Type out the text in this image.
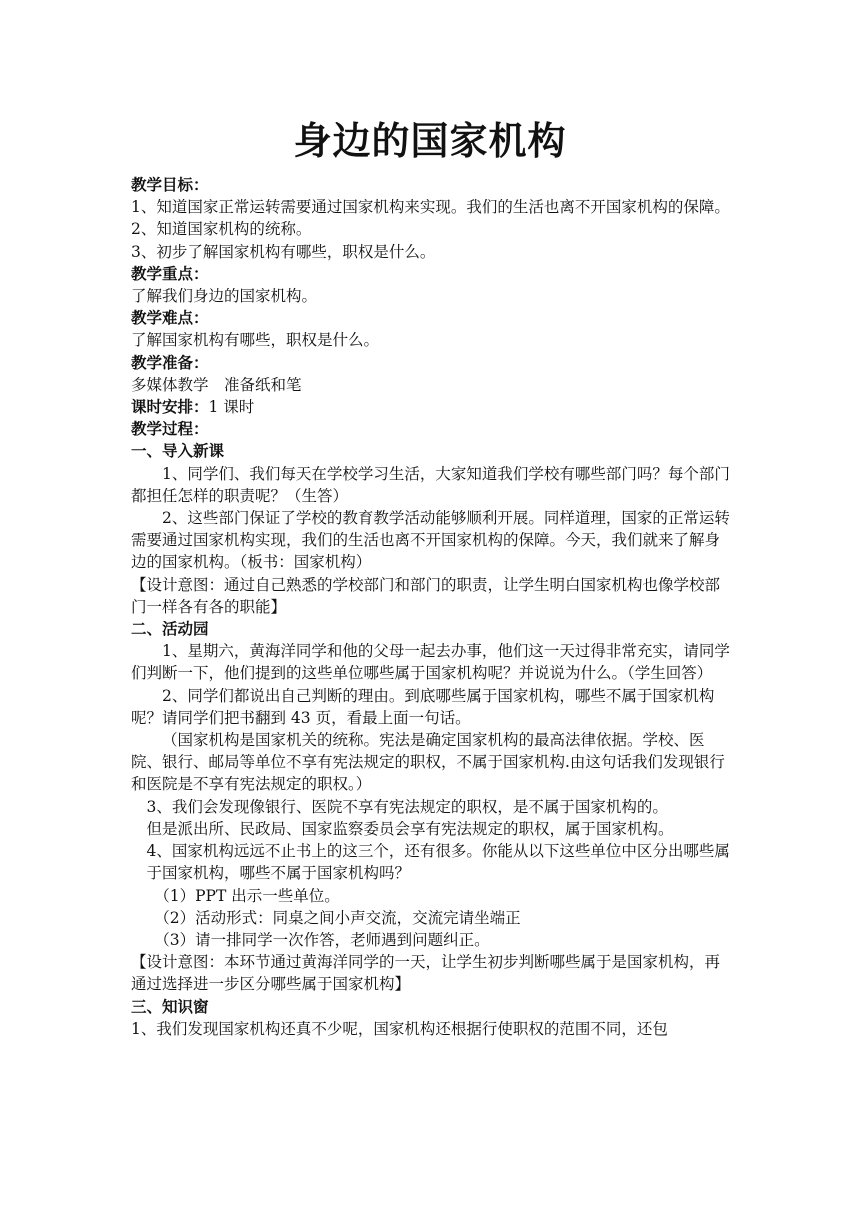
身边的国家机构

教学目标：

1、知道国家正常运转需要通过国家机构来实现。我们的生活也离不开国家机构的保障。

2、知道国家机构的统称。

3、初步了解国家机构有哪些，职权是什么。

教学重点：

了解我们身边的国家机构。

教学难点：

了解国家机构有哪些，职权是什么。

教学准备：

多媒体教学　准备纸和笔

课时安排：1 课时

教学过程：

一、导入新课

1、同学们、我们每天在学校学习生活，大家知道我们学校有哪些部门吗？每个部门都担任怎样的职责呢？（生答）

2、这些部门保证了学校的教育教学活动能够顺利开展。同样道理，国家的正常运转需要通过国家机构实现，我们的生活也离不开国家机构的保障。今天，我们就来了解身边的国家机构。（板书：国家机构）

【设计意图：通过自己熟悉的学校部门和部门的职责，让学生明白国家机构也像学校部门一样各有各的职能】

二、活动园

1、星期六，黄海洋同学和他的父母一起去办事，他们这一天过得非常充实，请同学们判断一下，他们提到的这些单位哪些属于国家机构呢？并说说为什么。（学生回答）

2、同学们都说出自己判断的理由。到底哪些属于国家机构，哪些不属于国家机构呢？请同学们把书翻到 43 页，看最上面一句话。

（国家机构是国家机关的统称。宪法是确定国家机构的最高法律依据。学校、医院、银行、邮局等单位不享有宪法规定的职权，不属于国家机构.由这句话我们发现银行和医院是不享有宪法规定的职权。）

3、我们会发现像银行、医院不享有宪法规定的职权，是不属于国家机构的。

但是派出所、民政局、国家监察委员会享有宪法规定的职权，属于国家机构。

4、国家机构远远不止书上的这三个，还有很多。你能从以下这些单位中区分出哪些属于国家机构，哪些不属于国家机构吗？

（1）PPT 出示一些单位。

（2）活动形式：同桌之间小声交流，交流完请坐端正

（3）请一排同学一次作答，老师遇到问题纠正。

【设计意图：本环节通过黄海洋同学的一天，让学生初步判断哪些属于是国家机构，再通过选择进一步区分哪些属于国家机构】

三、知识窗

1、我们发现国家机构还真不少呢，国家机构还根据行使职权的范围不同，还包
